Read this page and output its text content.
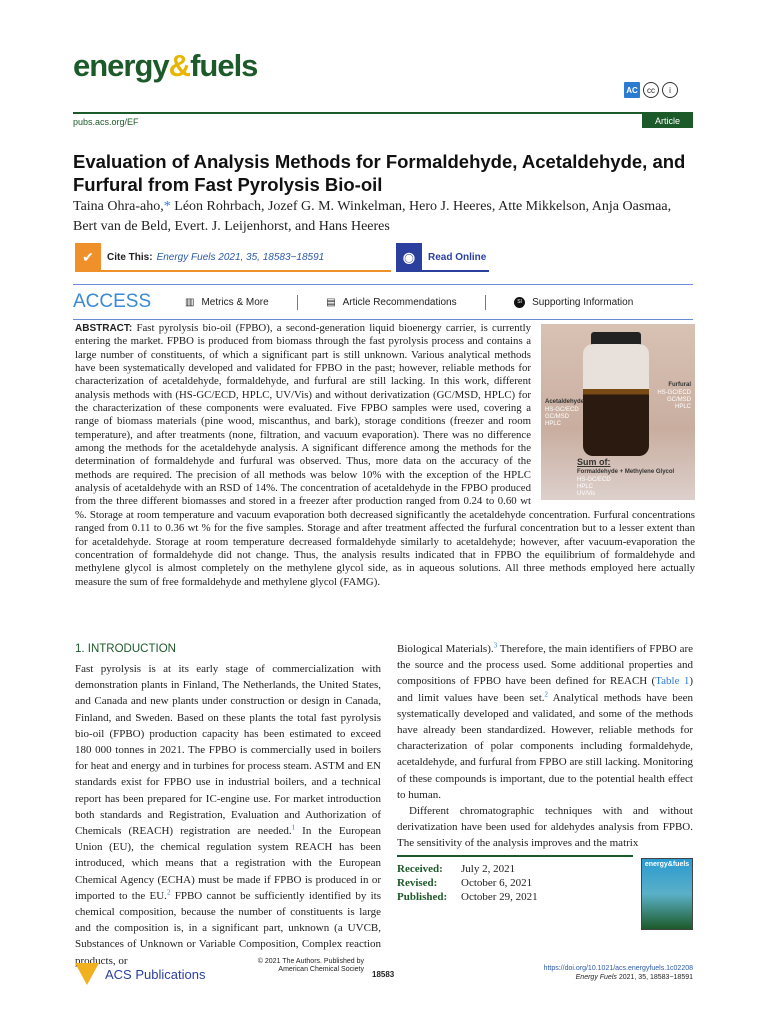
energy&fuels
AC	cc	i
pubs.acs.org/EF	Article
Evaluation of Analysis Methods for Formaldehyde, Acetaldehyde, and Furfural from Fast Pyrolysis Bio-oil
Taina Ohra-aho,* Léon Rohrbach, Jozef G. M. Winkelman, Hero J. Heeres, Atte Mikkelson, Anja Oasmaa, Bert van de Beld, Evert. J. Leijenhorst, and Hans Heeres
✔	Cite This: Energy Fuels 2021, 35, 18583−18591	◉	Read Online
ACCESS	▥ Metrics & More	▤ Article Recommendations	SI	Supporting Information
Acetaldehyde
HS-GC/ECD
GC/MSD
HPLC
Furfural
HS-GC/ECD
GC/MSD
HPLC
Sum of:
Formaldehyde + Methylene Glycol
HS-GC/ECD
HPLC
UV/Vis
ABSTRACT: Fast pyrolysis bio-oil (FPBO), a second-generation liquid bioenergy carrier, is currently entering the market. FPBO is produced from biomass through the fast pyrolysis process and contains a large number of constituents, of which a significant part is still unknown. Various analytical methods have been systematically developed and validated for FPBO in the past; however, reliable methods for characterization of acetaldehyde, formaldehyde, and furfural are still lacking. In this work, different analysis methods with (HS-GC/ECD, HPLC, UV/Vis) and without derivatization (GC/MSD, HPLC) for the characterization of these components were evaluated. Five FPBO samples were used, covering a range of biomass materials (pine wood, miscanthus, and bark), storage conditions (freezer and room temperature), and after treatments (none, filtration, and vacuum evaporation). There was no difference among the methods for the acetaldehyde analysis. A significant difference among the methods for the determination of formaldehyde and furfural was observed. Thus, more data on the accuracy of the methods are required. The precision of all methods was below 10% with the exception of the HPLC analysis of acetaldehyde with an RSD of 14%. The concentration of acetaldehyde in the FPBO produced from the three different biomasses and stored in a freezer after production ranged from 0.24 to 0.60 wt %. Storage at room temperature and vacuum evaporation both decreased significantly the acetaldehyde concentration. Furfural concentrations ranged from 0.11 to 0.36 wt % for the five samples. Storage and after treatment affected the furfural concentration but to a lesser extent than for acetaldehyde. Storage at room temperature decreased formaldehyde similarly to acetaldehyde; however, after vacuum-evaporation the concentration of formaldehyde did not change. Thus, the analysis results indicated that in FPBO the equilibrium of formaldehyde and methylene glycol is almost completely on the methylene glycol side, as in aqueous solutions. All three methods employed here actually measure the sum of free formaldehyde and methylene glycol (FAMG).
1. INTRODUCTION

Fast pyrolysis is at its early stage of commercialization with demonstration plants in Finland, The Netherlands, the United States, and Canada and new plants under construction or design in Canada, Finland, and Sweden. Based on these plants the total fast pyrolysis bio-oil (FPBO) production capacity has been estimated to exceed 180 000 tonnes in 2021. The FPBO is commercially used in boilers for heat and energy and in turbines for process steam. ASTM and EN standards exist for FPBO use in industrial boilers, and a technical report has been prepared for IC-engine use. For market introduction both standards and Registration, Evaluation and Authorization of Chemicals (REACH) registration are needed.$^1$ In the European Union (EU), the chemical regulation system REACH has been introduced, which means that a registration with the European Chemical Agency (ECHA) must be made if FPBO is produced in or imported to the EU.$^2$ FPBO cannot be sufficiently identified by its chemical composition, because the number of constituents is large and the composition is, in a significant part, unknown (a UVCB, Substances of Unknown or Variable Composition, Complex reaction products, or

Biological Materials).$^3$ Therefore, the main identifiers of FPBO are the source and the process used. Some additional properties and compositions of FPBO have been defined for REACH (Table 1) and limit values have been set.$^2$ Analytical methods have been systematically developed and validated, and some of the methods have already been standardized. However, reliable methods for characterization of polar components including formaldehyde, acetaldehyde, and furfural from FPBO are still lacking. Monitoring of these compounds is important, due to the potential health effect to human.

Different chromatographic techniques with and without derivatization have been used for aldehydes analysis from FPBO. The sensitivity of the analysis improves and the matrix

Received: July 2, 2021
Revised: October 6, 2021
Published: October 29, 2021
energy&fuels
ACS Publications
© 2021 The Authors. Published by American Chemical Society
18583
https://doi.org/10.1021/acs.energyfuels.1c02208
Energy Fuels 2021, 35, 18583−18591
